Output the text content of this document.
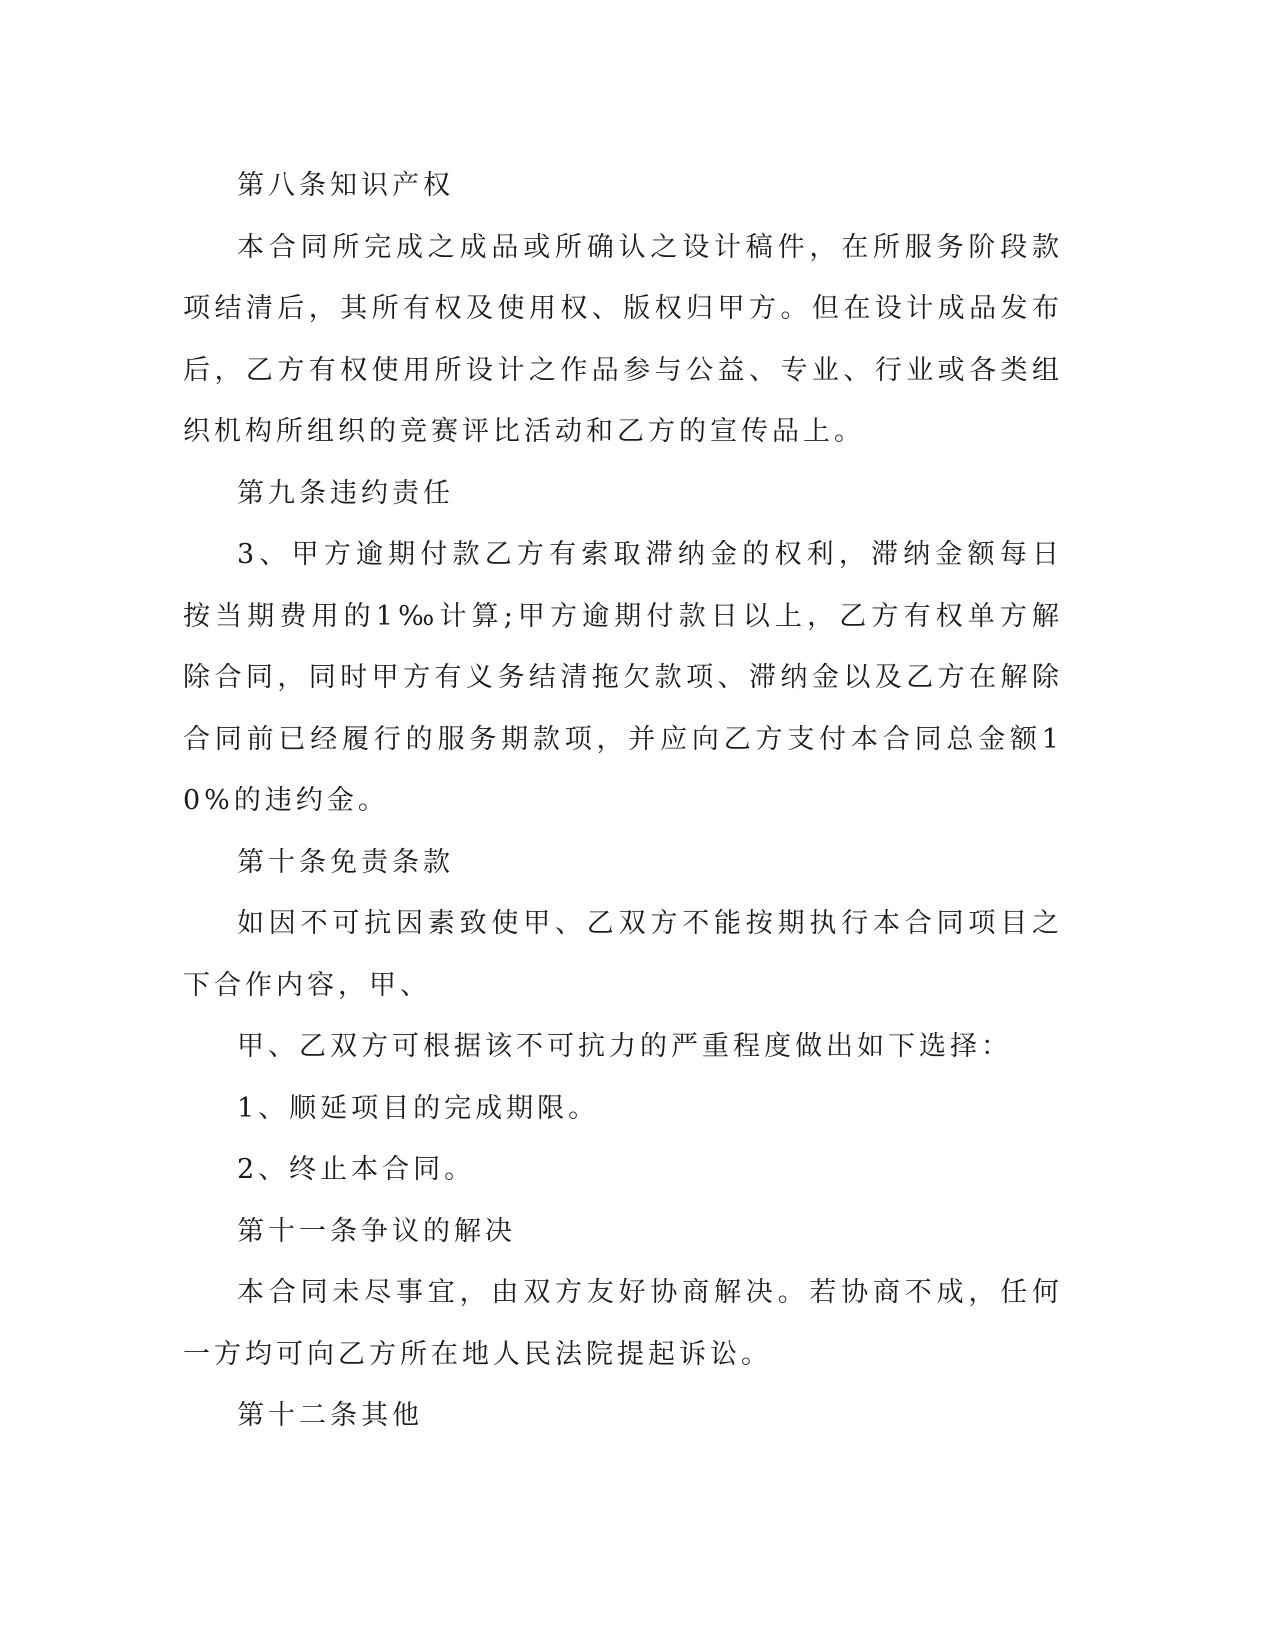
第八条知识产权

本合同所完成之成品或所确认之设计稿件，在所服务阶段款项结清后，其所有权及使用权、版权归甲方。但在设计成品发布后，乙方有权使用所设计之作品参与公益、专业、行业或各类组织机构所组织的竞赛评比活动和乙方的宣传品上。

第九条违约责任

3、甲方逾期付款乙方有索取滞纳金的权利，滞纳金额每日按当期费用的1‰计算;甲方逾期付款日以上，乙方有权单方解除合同，同时甲方有义务结清拖欠款项、滞纳金以及乙方在解除合同前已经履行的服务期款项，并应向乙方支付本合同总金额10%的违约金。

第十条免责条款

如因不可抗因素致使甲、乙双方不能按期执行本合同项目之下合作内容，甲、

甲、乙双方可根据该不可抗力的严重程度做出如下选择：

1、顺延项目的完成期限。

2、终止本合同。

第十一条争议的解决

本合同未尽事宜，由双方友好协商解决。若协商不成，任何一方均可向乙方所在地人民法院提起诉讼。

第十二条其他
